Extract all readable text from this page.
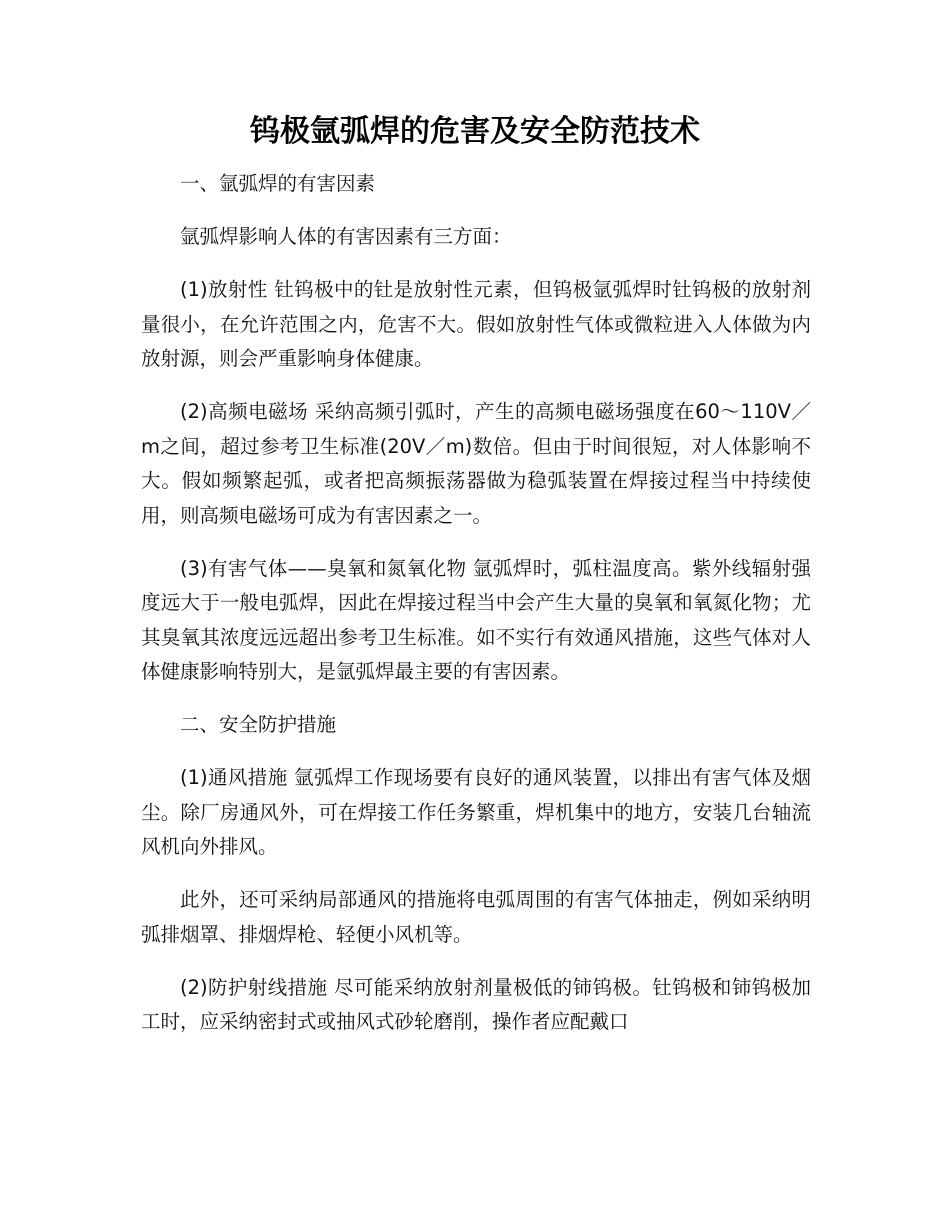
钨极氩弧焊的危害及安全防范技术

一、氩弧焊的有害因素

氩弧焊影响人体的有害因素有三方面：

(1)放射性 钍钨极中的钍是放射性元素，但钨极氩弧焊时钍钨极的放射剂量很小，在允许范围之内，危害不大。假如放射性气体或微粒进入人体做为内放射源，则会严重影响身体健康。

(2)高频电磁场 采纳高频引弧时，产生的高频电磁场强度在60～110V／m之间，超过参考卫生标准(20V／m)数倍。但由于时间很短，对人体影响不大。假如频繁起弧，或者把高频振荡器做为稳弧装置在焊接过程当中持续使用，则高频电磁场可成为有害因素之一。

(3)有害气体——臭氧和氮氧化物 氩弧焊时，弧柱温度高。紫外线辐射强度远大于一般电弧焊，因此在焊接过程当中会产生大量的臭氧和氧氮化物；尤其臭氧其浓度远远超出参考卫生标准。如不实行有效通风措施，这些气体对人体健康影响特别大，是氩弧焊最主要的有害因素。

二、安全防护措施

(1)通风措施 氩弧焊工作现场要有良好的通风装置，以排出有害气体及烟尘。除厂房通风外，可在焊接工作任务繁重，焊机集中的地方，安装几台轴流风机向外排风。

此外，还可采纳局部通风的措施将电弧周围的有害气体抽走，例如采纳明弧排烟罩、排烟焊枪、轻便小风机等。

(2)防护射线措施 尽可能采纳放射剂量极低的铈钨极。钍钨极和铈钨极加工时，应采纳密封式或抽风式砂轮磨削，操作者应配戴口
